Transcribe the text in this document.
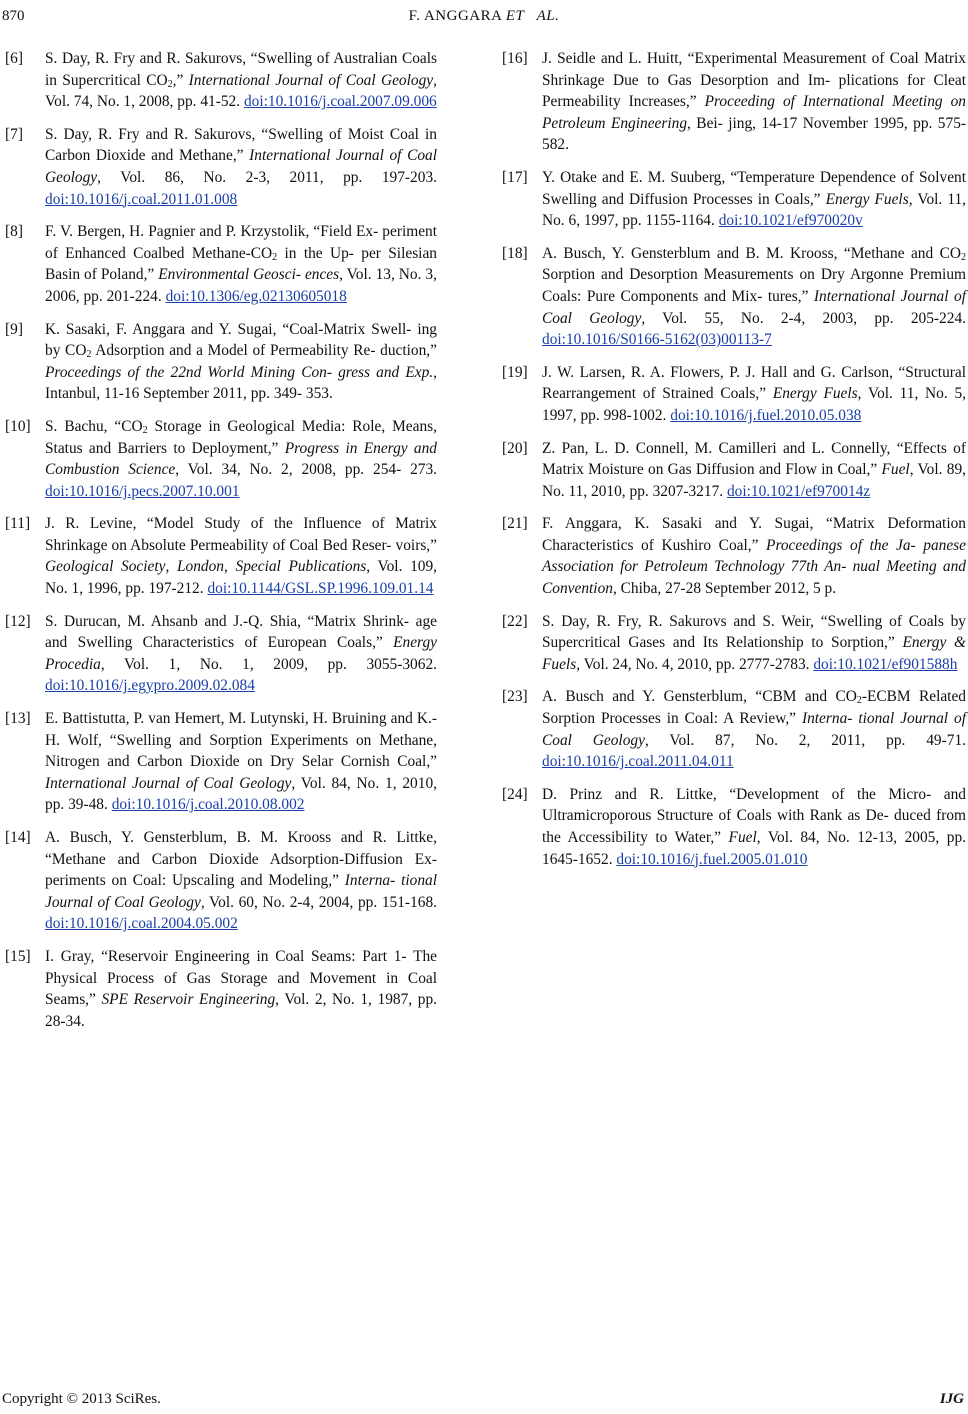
870	F. ANGGARA ET   AL.
[6]	S. Day, R. Fry and R. Sakurovs, “Swelling of Australian Coals in Supercritical $CO_2$,” International Journal of Coal Geology, Vol. 74, No. 1, 2008, pp. 41-52. doi:10.1016/j.coal.2007.09.006
[7]	S. Day, R. Fry and R. Sakurovs, “Swelling of Moist Coal in Carbon Dioxide and Methane,” International Journal of Coal Geology, Vol. 86, No. 2-3, 2011, pp. 197-203. doi:10.1016/j.coal.2011.01.008
[8]	F. V. Bergen, H. Pagnier and P. Krzystolik, “Field Ex- periment of Enhanced Coalbed Methane-$CO_2$ in the Up- per Silesian Basin of Poland,” Environmental Geosci- ences, Vol. 13, No. 3, 2006, pp. 201-224. doi:10.1306/eg.02130605018
[9]	K. Sasaki, F. Anggara and Y. Sugai, “Coal-Matrix Swell- ing by $CO_2$ Adsorption and a Model of Permeability Re- duction,” Proceedings of the 22nd World Mining Con- gress and Exp., Intanbul, 11-16 September 2011, pp. 349- 353.
[10] S. Bachu, “$CO_2$ Storage in Geological Media: Role, Means, Status and Barriers to Deployment,” Progress in Energy and Combustion Science, Vol. 34, No. 2, 2008, pp. 254- 273. doi:10.1016/j.pecs.2007.10.001
[11] J. R. Levine, “Model Study of the Influence of Matrix Shrinkage on Absolute Permeability of Coal Bed Reser- voirs,” Geological Society, London, Special Publications, Vol. 109, No. 1, 1996, pp. 197-212. doi:10.1144/GSL.SP.1996.109.01.14
[12] S. Durucan, M. Ahsanb and J.-Q. Shia, “Matrix Shrink- age and Swelling Characteristics of European Coals,” Energy Procedia, Vol. 1, No. 1, 2009, pp. 3055-3062. doi:10.1016/j.egypro.2009.02.084
[13] E. Battistutta, P. van Hemert, M. Lutynski, H. Bruining and K.-H. Wolf, “Swelling and Sorption Experiments on Methane, Nitrogen and Carbon Dioxide on Dry Selar Cornish Coal,” International Journal of Coal Geology, Vol. 84, No. 1, 2010, pp. 39-48. doi:10.1016/j.coal.2010.08.002
[14] A. Busch, Y. Gensterblum, B. M. Krooss and R. Littke, “Methane and Carbon Dioxide Adsorption-Diffusion Ex- periments on Coal: Upscaling and Modeling,” Interna- tional Journal of Coal Geology, Vol. 60, No. 2-4, 2004, pp. 151-168. doi:10.1016/j.coal.2004.05.002
[15] I. Gray, “Reservoir Engineering in Coal Seams: Part 1- The Physical Process of Gas Storage and Movement in Coal Seams,” SPE Reservoir Engineering, Vol. 2, No. 1, 1987, pp. 28-34.
[16] J. Seidle and L. Huitt, “Experimental Measurement of Coal Matrix Shrinkage Due to Gas Desorption and Im- plications for Cleat Permeability Increases,” Proceeding of International Meeting on Petroleum Engineering, Bei- jing, 14-17 November 1995, pp. 575-582.
[17] Y. Otake and E. M. Suuberg, “Temperature Dependence of Solvent Swelling and Diffusion Processes in Coals,” Energy Fuels, Vol. 11, No. 6, 1997, pp. 1155-1164. doi:10.1021/ef970020v
[18] A. Busch, Y. Gensterblum and B. M. Krooss, “Methane and $CO_2$ Sorption and Desorption Measurements on Dry Argonne Premium Coals: Pure Components and Mix- tures,” International Journal of Coal Geology, Vol. 55, No. 2-4, 2003, pp. 205-224. doi:10.1016/S0166-5162(03)00113-7
[19] J. W. Larsen, R. A. Flowers, P. J. Hall and G. Carlson, “Structural Rearrangement of Strained Coals,” Energy Fuels, Vol. 11, No. 5, 1997, pp. 998-1002. doi:10.1016/j.fuel.2010.05.038
[20] Z. Pan, L. D. Connell, M. Camilleri and L. Connelly, “Effects of Matrix Moisture on Gas Diffusion and Flow in Coal,” Fuel, Vol. 89, No. 11, 2010, pp. 3207-3217. doi:10.1021/ef970014z
[21] F. Anggara, K. Sasaki and Y. Sugai, “Matrix Deformation Characteristics of Kushiro Coal,” Proceedings of the Ja- panese Association for Petroleum Technology 77th An- nual Meeting and Convention, Chiba, 27-28 September 2012, 5 p.
[22] S. Day, R. Fry, R. Sakurovs and S. Weir, “Swelling of Coals by Supercritical Gases and Its Relationship to Sorption,” Energy & Fuels, Vol. 24, No. 4, 2010, pp. 2777-2783. doi:10.1021/ef901588h
[23] A. Busch and Y. Gensterblum, “CBM and $CO_2$-ECBM Related Sorption Processes in Coal: A Review,” Interna- tional Journal of Coal Geology, Vol. 87, No. 2, 2011, pp. 49-71. doi:10.1016/j.coal.2011.04.011
[24] D. Prinz and R. Littke, “Development of the Micro- and Ultramicroporous Structure of Coals with Rank as De- duced from the Accessibility to Water,” Fuel, Vol. 84, No. 12-13, 2005, pp. 1645-1652. doi:10.1016/j.fuel.2005.01.010
Copyright © 2013 SciRes.	IJG
